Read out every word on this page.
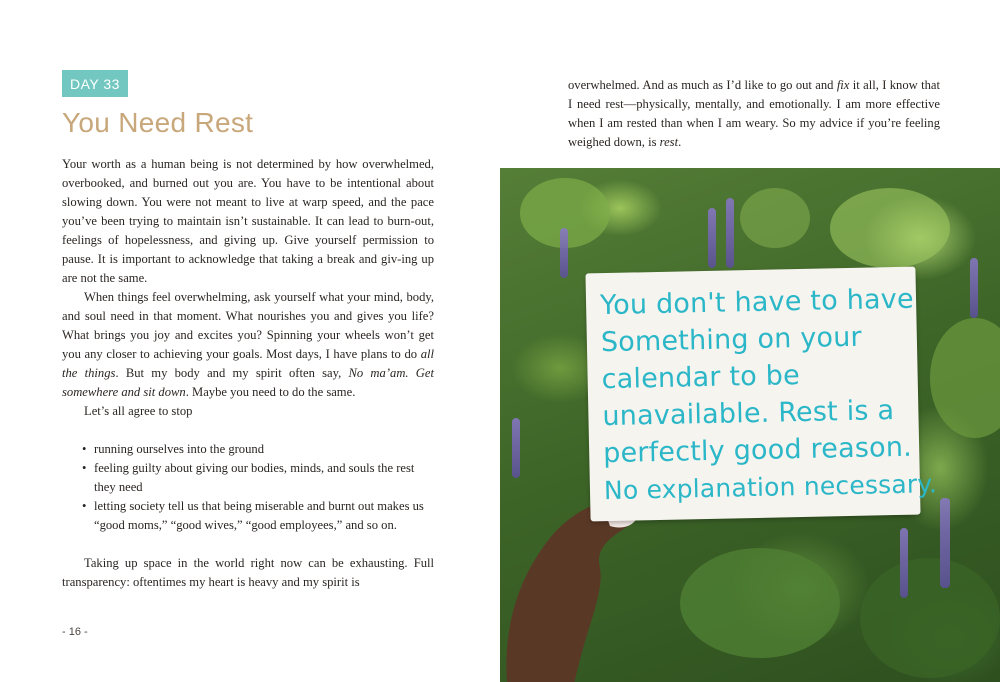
DAY 33
You Need Rest

Your worth as a human being is not determined by how overwhelmed, overbooked, and burned out you are. You have to be intentional about slowing down. You were not meant to live at warp speed, and the pace you’ve been trying to maintain isn’t sustainable. It can lead to burn-out, feelings of hopelessness, and giving up. Give yourself permission to pause. It is important to acknowledge that taking a break and giv-ing up are not the same.

When things feel overwhelming, ask yourself what your mind, body, and soul need in that moment. What nourishes you and gives you life? What brings you joy and excites you? Spinning your wheels won’t get you any closer to achieving your goals. Most days, I have plans to do all the things. But my body and my spirit often say, No ma’am. Get somewhere and sit down. Maybe you need to do the same.

Let’s all agree to stop

• running ourselves into the ground
• feeling guilty about giving our bodies, minds, and souls the rest they need
• letting society tell us that being miserable and burnt out makes us “good moms,” “good wives,” “good employees,” and so on.

Taking up space in the world right now can be exhausting. Full transparency: oftentimes my heart is heavy and my spirit is

- 16 -
overwhelmed. And as much as I’d like to go out and fix it all, I know that I need rest—physically, mentally, and emotionally. I am more effective when I am rested than when I am weary. So my advice if you’re feeling weighed down, is rest.
You don't have to have
Something on your
calendar to be
unavailable. Rest is a
perfectly good reason.
No explanation necessary.
